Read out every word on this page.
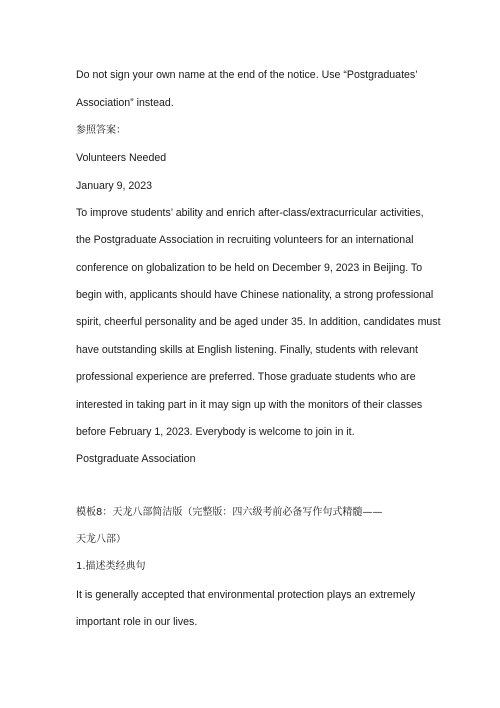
Do not sign your own name at the end of the notice. Use “Postgraduates’
Association” instead.
参照答案：
Volunteers Needed
January 9, 2023
To improve students’ ability and enrich after-class/extracurricular activities,
the Postgraduate Association in recruiting volunteers for an international
conference on globalization to be held on December 9, 2023 in Beijing. To
begin with, applicants should have Chinese nationality, a strong professional
spirit, cheerful personality and be aged under 35. In addition, candidates must
have outstanding skills at English listening. Finally, students with relevant
professional experience are preferred. Those graduate students who are
interested in taking part in it may sign up with the monitors of their classes
before February 1, 2023. Everybody is welcome to join in it.
Postgraduate Association
模板8：天龙八部简洁版（完整版：四六级考前必备写作句式精髓——
天龙八部）
1.描述类经典句
It is generally accepted that environmental protection plays an extremely
important role in our lives.
